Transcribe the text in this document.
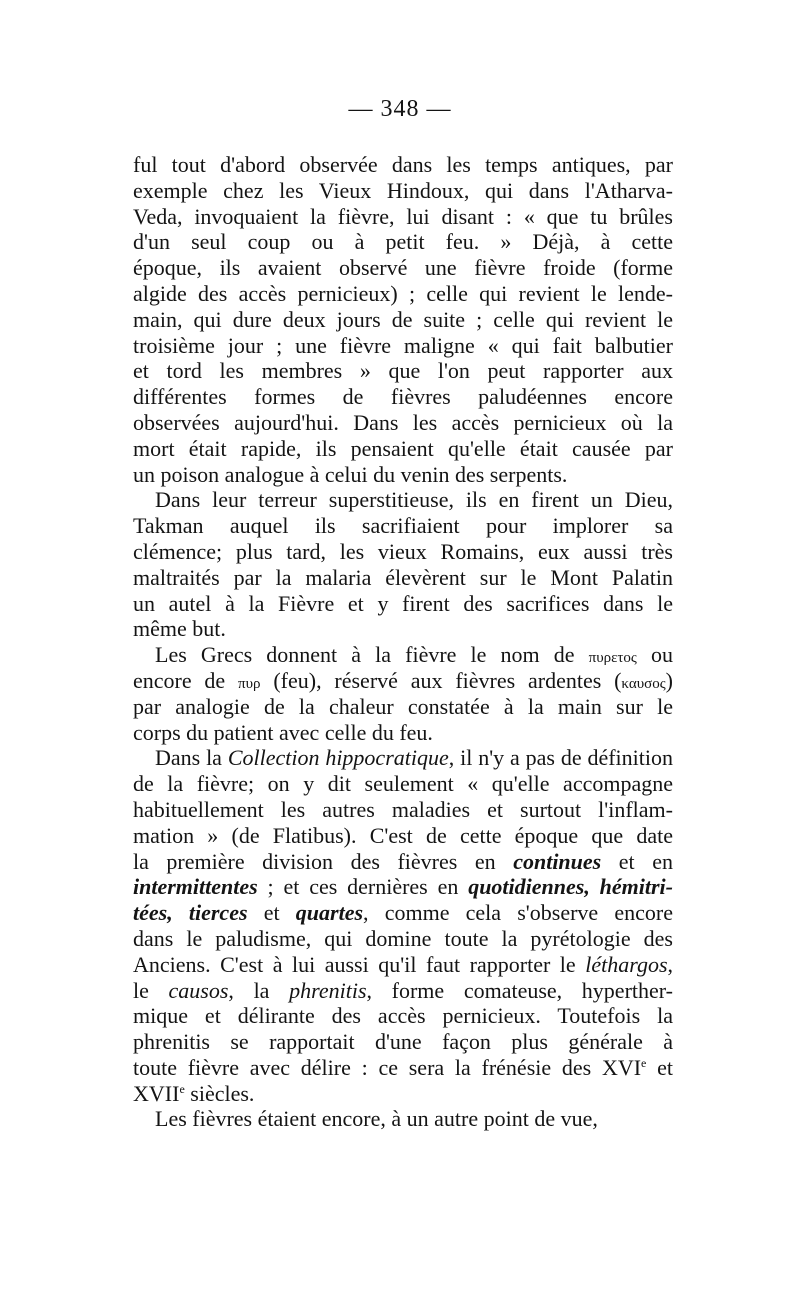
— 348 —
ful tout d'abord observée dans les temps antiques, par
exemple chez les Vieux Hindoux, qui dans l'Atharva-
Veda, invoquaient la fièvre, lui disant : « que tu brûles
d'un seul coup ou à petit feu. » Déjà, à cette
époque, ils avaient observé une fièvre froide (forme
algide des accès pernicieux) ; celle qui revient le lende-
main, qui dure deux jours de suite ; celle qui revient le
troisième jour ; une fièvre maligne « qui fait balbutier
et tord les membres » que l'on peut rapporter aux
différentes formes de fièvres paludéennes encore
observées aujourd'hui. Dans les accès pernicieux où la
mort était rapide, ils pensaient qu'elle était causée par
un poison analogue à celui du venin des serpents.
Dans leur terreur superstitieuse, ils en firent un Dieu,
Takman auquel ils sacrifiaient pour implorer sa
clémence; plus tard, les vieux Romains, eux aussi très
maltraités par la malaria élevèrent sur le Mont Palatin
un autel à la Fièvre et y firent des sacrifices dans le
même but.
Les Grecs donnent à la fièvre le nom de πυρετος ou
encore de πυρ (feu), réservé aux fièvres ardentes (καυσος)
par analogie de la chaleur constatée à la main sur le
corps du patient avec celle du feu.
Dans la Collection hippocratique, il n'y a pas de définition
de la fièvre; on y dit seulement « qu'elle accompagne
habituellement les autres maladies et surtout l'inflam-
mation » (de Flatibus). C'est de cette époque que date
la première division des fièvres en continues et en
intermittentes ; et ces dernières en quotidiennes, hémitri-
tées, tierces et quartes, comme cela s'observe encore
dans le paludisme, qui domine toute la pyrétologie des
Anciens. C'est à lui aussi qu'il faut rapporter le léthargos,
le causos, la phrenitis, forme comateuse, hyperther-
mique et délirante des accès pernicieux. Toutefois la
phrenitis se rapportait d'une façon plus générale à
toute fièvre avec délire : ce sera la frénésie des XVIe et
XVIIe siècles.
Les fièvres étaient encore, à un autre point de vue,
